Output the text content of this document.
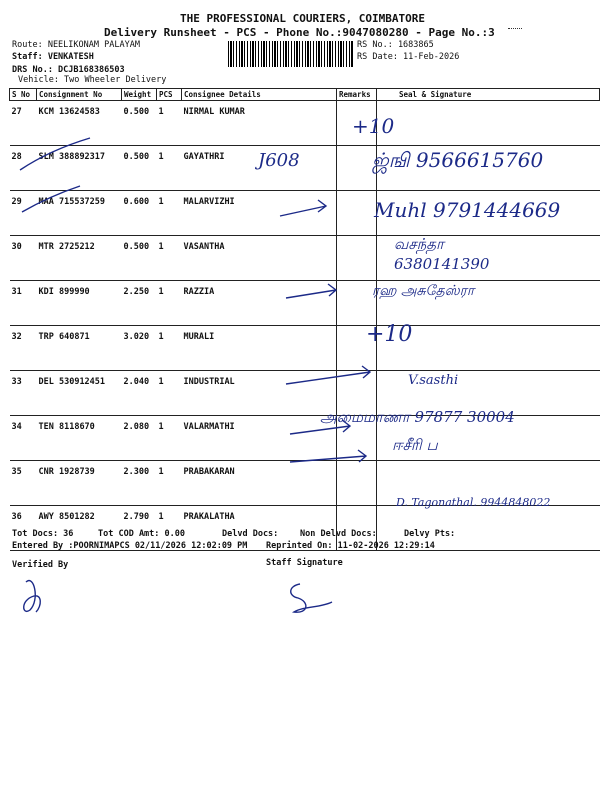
THE PROFESSIONAL COURIERS, COIMBATORE
Delivery Runsheet - PCS - Phone No.:9047080280 - Page No.:3
Route: NEELIKONAM PALAYAM
Staff: VENKATESH
DRS No.: DCJB168386503
Vehicle: Two Wheeler Delivery
RS No.: 1683865
RS Date: 11-Feb-2026
S No	Consignment No	Weight	PCS	Consignee Details	Remarks	Seal & Signature
27	KCM 13624583	0.500	1	NIRMAL KUMAR		
28	SLM 388892317	0.500	1	GAYATHRI		
29	MAA 715537259	0.600	1	MALARVIZHI		
30	MTR 2725212	0.500	1	VASANTHA		
31	KDI 899990	2.250	1	RAZZIA		
32	TRP 640871	3.020	1	MURALI		
33	DEL 530912451	2.040	1	INDUSTRIAL		
34	TEN 8118670	2.080	1	VALARMATHI		
35	CNR 1928739	2.300	1	PRABAKARAN		
36	AWY 8501282	2.790	1	PRAKALATHA		
+10
J608	ஜ்ஙி 9566615760
Muhl 9791444669
வசந்தா 6380141390
ரஹ அசுதேஸ்ரா
+10
V.sasthi
அமைமாணா 97877 30004
ஈசீரி ப
D. Tagonathal. 9944848022
Tot Docs: 36	Tot COD Amt: 0.00	Delvd Docs:	Non Delvd Docs:	Delvy Pts:
Entered By :POORNIMAPCS 02/11/2026 12:02:09 PM Reprinted On: 11-02-2026 12:29:14
Verified By	Staff Signature
